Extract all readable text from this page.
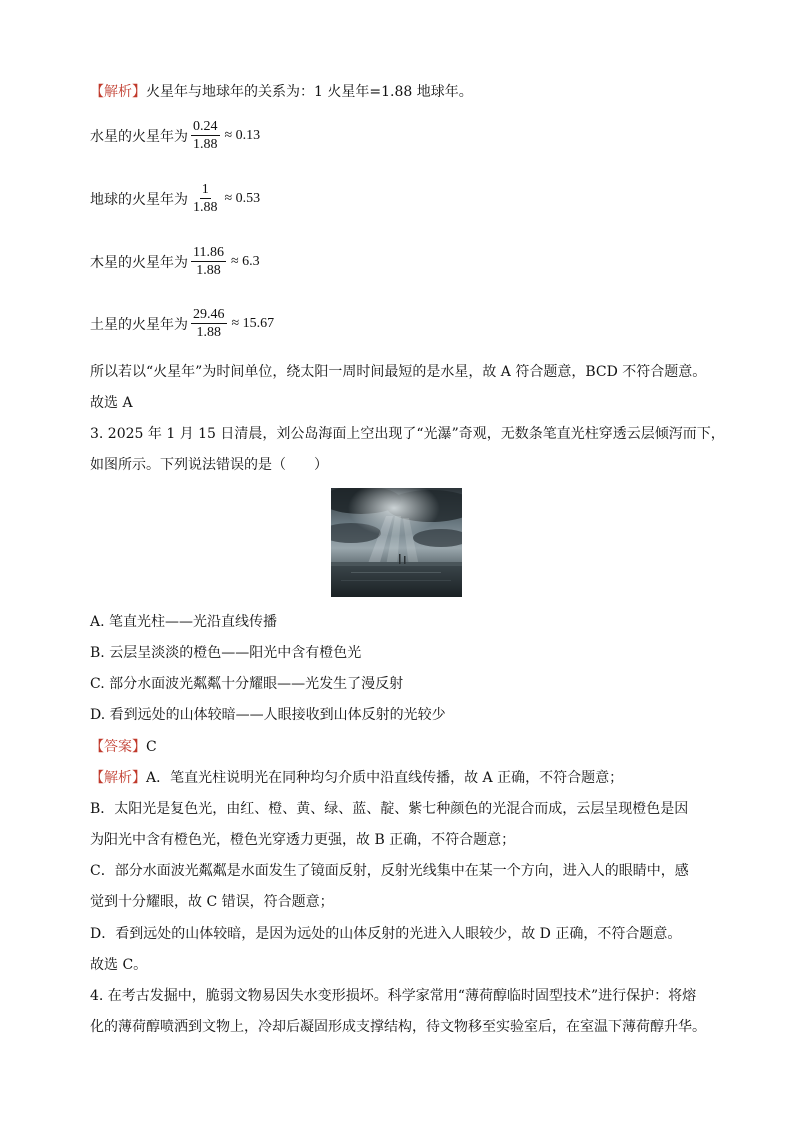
【解析】火星年与地球年的关系为：1 火星年=1.88 地球年。
水星的火星年为 $\frac{0.24}{1.88} \approx 0.13$
地球的火星年为 $\frac{1}{1.88} \approx 0.53$
木星的火星年为 $\frac{11.86}{1.88} \approx 6.3$
土星的火星年为 $\frac{29.46}{1.88} \approx 15.67$
所以若以“火星年”为时间单位，绕太阳一周时间最短的是水星，故 A 符合题意，BCD 不符合题意。
故选 A
3. 2025 年 1 月 15 日清晨，刘公岛海面上空出现了“光瀑”奇观，无数条笔直光柱穿透云层倾泻而下，
如图所示。下列说法错误的是（　　）
A. 笔直光柱——光沿直线传播
B. 云层呈淡淡的橙色——阳光中含有橙色光
C. 部分水面波光粼粼十分耀眼——光发生了漫反射
D. 看到远处的山体较暗——人眼接收到山体反射的光较少
【答案】C
【解析】A．笔直光柱说明光在同种均匀介质中沿直线传播，故 A 正确，不符合题意；
B．太阳光是复色光，由红、橙、黄、绿、蓝、靛、紫七种颜色的光混合而成，云层呈现橙色是因
为阳光中含有橙色光，橙色光穿透力更强，故 B 正确，不符合题意；
C．部分水面波光粼粼是水面发生了镜面反射，反射光线集中在某一个方向，进入人的眼睛中，感
觉到十分耀眼，故 C 错误，符合题意；
D．看到远处的山体较暗，是因为远处的山体反射的光进入人眼较少，故 D 正确，不符合题意。
故选 C。
4. 在考古发掘中，脆弱文物易因失水变形损坏。科学家常用“薄荷醇临时固型技术”进行保护：将熔
化的薄荷醇喷洒到文物上，冷却后凝固形成支撑结构，待文物移至实验室后，在室温下薄荷醇升华。
